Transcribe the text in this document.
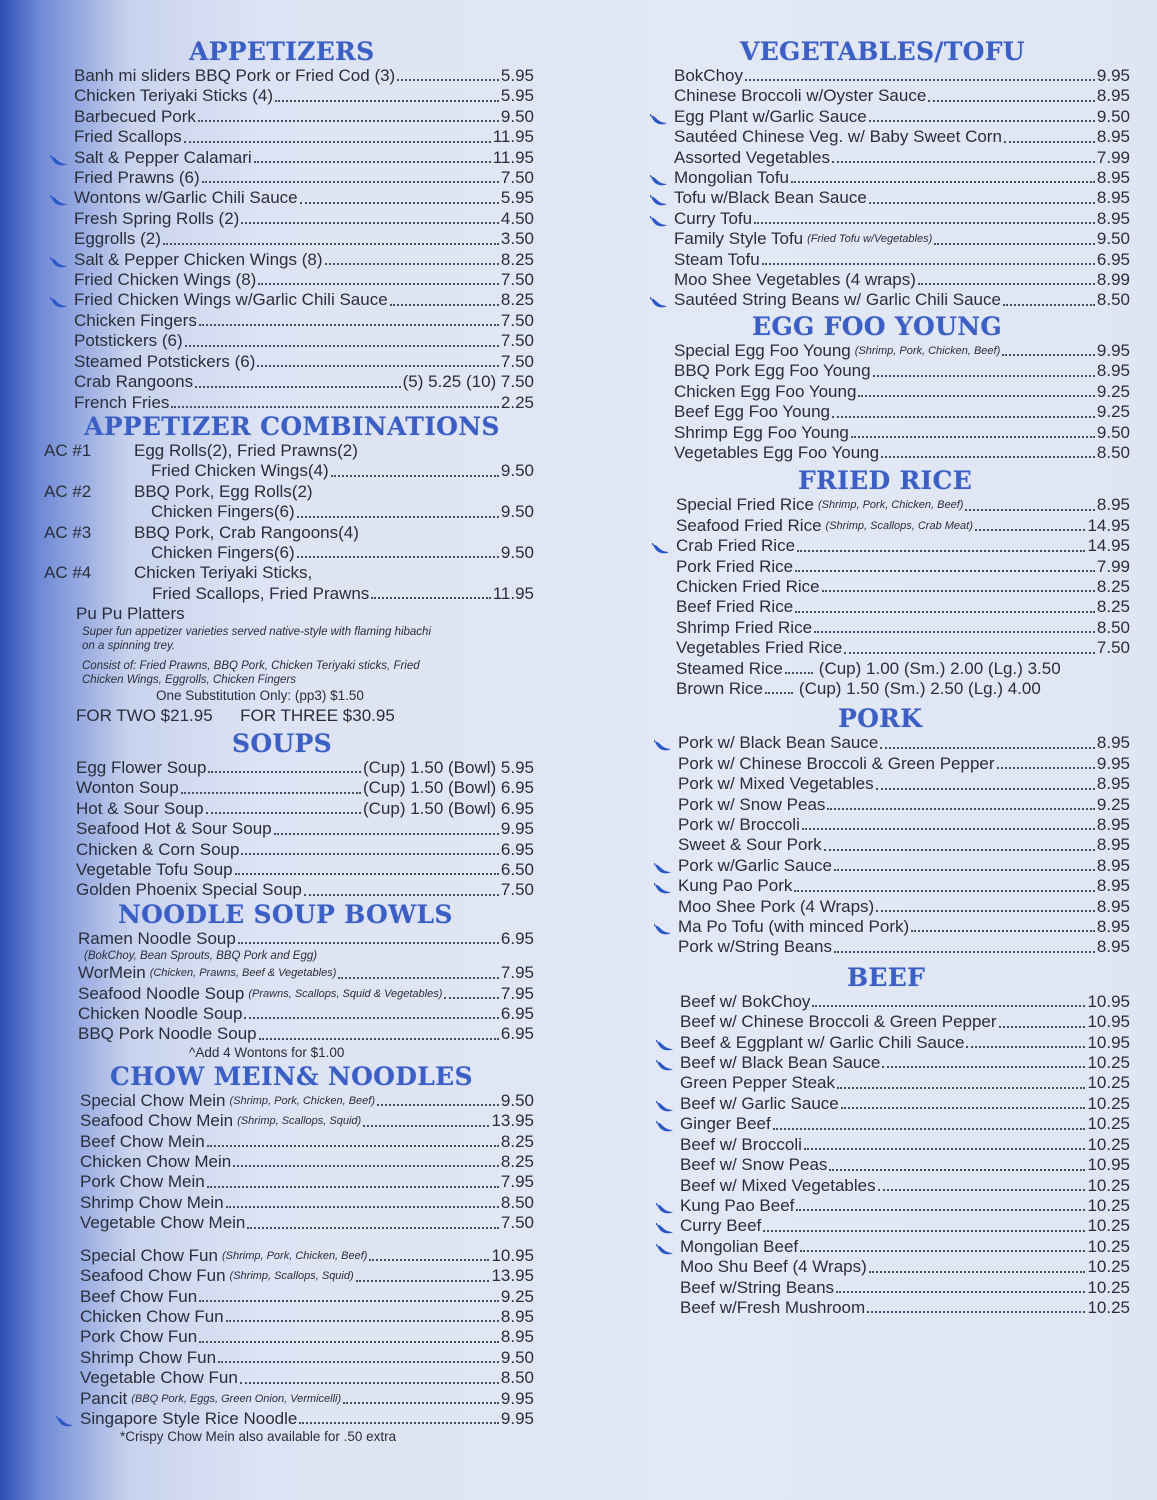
APPETIZERS
Banh mi sliders BBQ Pork or Fried Cod (3)	5.95
Chicken Teriyaki Sticks (4)	5.95
Barbecued Pork	9.50
Fried Scallops	11.95
Salt & Pepper Calamari	11.95
Fried Prawns (6)	7.50
Wontons w/Garlic Chili Sauce	5.95
Fresh Spring Rolls (2)	4.50
Eggrolls (2)	3.50
Salt & Pepper Chicken Wings (8)	8.25
Fried Chicken Wings (8)	7.50
Fried Chicken Wings w/Garlic Chili Sauce	8.25
Chicken Fingers	7.50
Potstickers (6)	7.50
Steamed Potstickers (6)	7.50
Crab Rangoons	(5) 5.25 (10) 7.50
French Fries	2.25
APPETIZER COMBINATIONS
AC #1	Egg Rolls(2), Fried Prawns(2)
Fried Chicken Wings(4)	9.50
AC #2	BBQ Pork, Egg Rolls(2)
Chicken Fingers(6)	9.50
AC #3	BBQ Pork, Crab Rangoons(4)
Chicken Fingers(6)	9.50
AC #4	Chicken Teriyaki Sticks,
Fried Scallops, Fried Prawns	11.95
Pu Pu Platters
Super fun appetizer varieties served native-style with flaming hibachi
on a spinning trey.
Consist of: Fried Prawns, BBQ Pork, Chicken Teriyaki sticks, Fried
Chicken Wings, Eggrolls, Chicken Fingers
One Substitution Only: (pp3) $1.50
FOR TWO $21.95 FOR THREE $30.95
SOUPS
Egg Flower Soup	(Cup) 1.50 (Bowl) 5.95
Wonton Soup	(Cup) 1.50 (Bowl) 6.95
Hot & Sour Soup	(Cup) 1.50 (Bowl) 6.95
Seafood Hot & Sour Soup	9.95
Chicken & Corn Soup	6.95
Vegetable Tofu Soup	6.50
Golden Phoenix Special Soup	7.50
NOODLE SOUP BOWLS
Ramen Noodle Soup	6.95
(BokChoy, Bean Sprouts, BBQ Pork and Egg)
WorMein (Chicken, Prawns, Beef & Vegetables)	7.95
Seafood Noodle Soup (Prawns, Scallops, Squid & Vegetables)	7.95
Chicken Noodle Soup	6.95
BBQ Pork Noodle Soup	6.95
^Add 4 Wontons for $1.00
CHOW MEIN& NOODLES
Special Chow Mein (Shrimp, Pork, Chicken, Beef)	9.50
Seafood Chow Mein (Shrimp, Scallops, Squid)	13.95
Beef Chow Mein	8.25
Chicken Chow Mein	8.25
Pork Chow Mein	7.95
Shrimp Chow Mein	8.50
Vegetable Chow Mein	7.50
Special Chow Fun (Shrimp, Pork, Chicken, Beef)	10.95
Seafood Chow Fun (Shrimp, Scallops, Squid)	13.95
Beef Chow Fun	9.25
Chicken Chow Fun	8.95
Pork Chow Fun	8.95
Shrimp Chow Fun	9.50
Vegetable Chow Fun	8.50
Pancit (BBQ Pork, Eggs, Green Onion, Vermicelli)	9.95
Singapore Style Rice Noodle	9.95
*Crispy Chow Mein also available for .50 extra
VEGETABLES/TOFU
BokChoy	9.95
Chinese Broccoli w/Oyster Sauce	8.95
Egg Plant w/Garlic Sauce	9.50
Sautéed Chinese Veg. w/ Baby Sweet Corn	8.95
Assorted Vegetables	7.99
Mongolian Tofu	8.95
Tofu w/Black Bean Sauce	8.95
Curry Tofu	8.95
Family Style Tofu (Fried Tofu w/Vegetables)	9.50
Steam Tofu	6.95
Moo Shee Vegetables (4 wraps)	8.99
Sautéed String Beans w/ Garlic Chili Sauce	8.50
EGG FOO YOUNG
Special Egg Foo Young (Shrimp, Pork, Chicken, Beef)	9.95
BBQ Pork Egg Foo Young	8.95
Chicken Egg Foo Young	9.25
Beef Egg Foo Young	9.25
Shrimp Egg Foo Young	9.50
Vegetables Egg Foo Young	8.50
FRIED RICE
Special Fried Rice (Shrimp, Pork, Chicken, Beef)	8.95
Seafood Fried Rice (Shrimp, Scallops, Crab Meat)	14.95
Crab Fried Rice	14.95
Pork Fried Rice	7.99
Chicken Fried Rice	8.25
Beef Fried Rice	8.25
Shrimp Fried Rice	8.50
Vegetables Fried Rice	7.50
Steamed Rice (Cup) 1.00 (Sm.) 2.00 (Lg.) 3.50
Brown Rice (Cup) 1.50 (Sm.) 2.50 (Lg.) 4.00
PORK
Pork w/ Black Bean Sauce	8.95
Pork w/ Chinese Broccoli & Green Pepper	9.95
Pork w/ Mixed Vegetables	8.95
Pork w/ Snow Peas	9.25
Pork w/ Broccoli	8.95
Sweet & Sour Pork	8.95
Pork w/Garlic Sauce	8.95
Kung Pao Pork	8.95
Moo Shee Pork (4 Wraps)	8.95
Ma Po Tofu (with minced Pork)	8.95
Pork w/String Beans	8.95
BEEF
Beef w/ BokChoy	10.95
Beef w/ Chinese Broccoli & Green Pepper	10.95
Beef & Eggplant w/ Garlic Chili Sauce	10.95
Beef w/ Black Bean Sauce	10.25
Green Pepper Steak	10.25
Beef w/ Garlic Sauce	10.25
Ginger Beef	10.25
Beef w/ Broccoli	10.25
Beef w/ Snow Peas	10.95
Beef w/ Mixed Vegetables	10.25
Kung Pao Beef	10.25
Curry Beef	10.25
Mongolian Beef	10.25
Moo Shu Beef (4 Wraps)	10.25
Beef w/String Beans	10.25
Beef w/Fresh Mushroom	10.25
